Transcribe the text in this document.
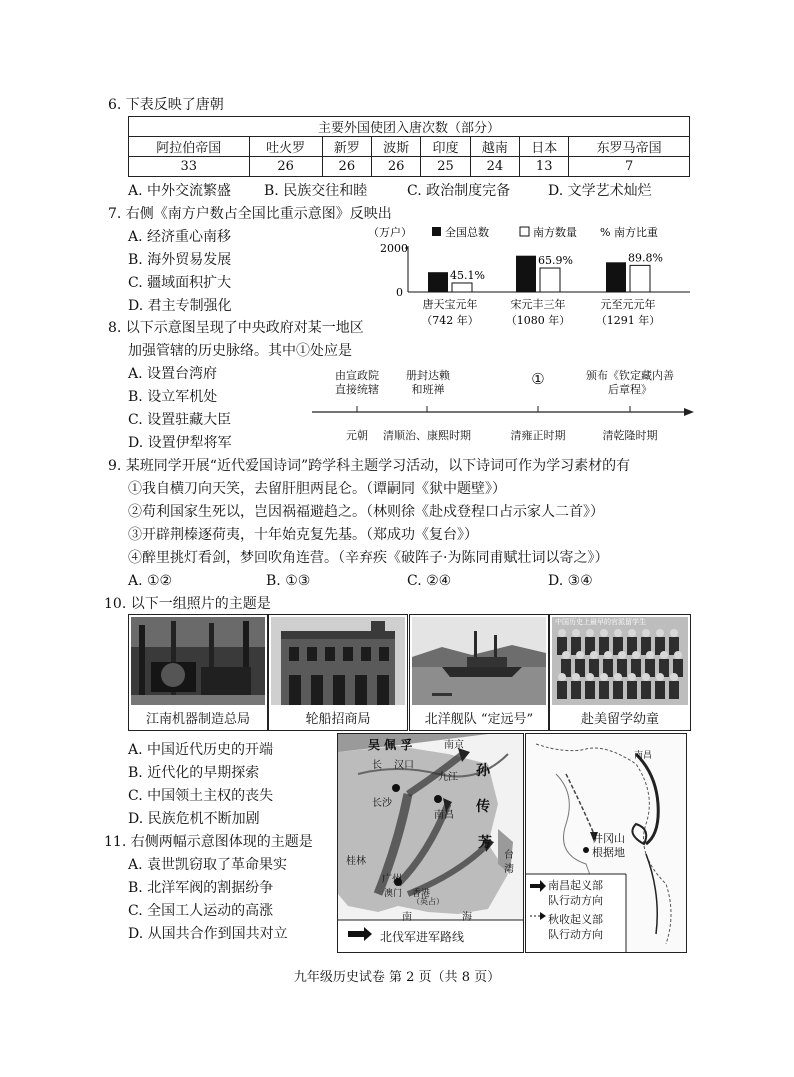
6. 下表反映了唐朝
主要外国使团入唐次数（部分）							
阿拉伯帝国	吐火罗	新罗	波斯	印度	越南	日本	东罗马帝国
33	26	26	26	25	24	13	7
A. 中外交流繁盛 B. 民族交往和睦	C. 政治制度完备	D. 文学艺术灿烂
7. 右侧《南方户数占全国比重示意图》反映出
A. 经济重心南移
B. 海外贸易发展
C. 疆域面积扩大
D. 君主专制强化
（万户）	全国总数	南方数量 % 南方比重
2000
0
45.1%
唐天宝元年
（742 年）
65.9%
宋元丰三年
（1080 年）
89.8%
元至元元年
（1291 年）
8. 以下示意图呈现了中央政府对某一地区
加强管辖的历史脉络。其中①处应是
A. 设置台湾府
B. 设立军机处
C. 设置驻藏大臣
D. 设置伊犁将军
由宣政院
直接统辖
册封达赖
和班禅
①	颁布《钦定藏内善
后章程》
元朝	清顺治、康熙时期	清雍正时期	清乾隆时期
9. 某班同学开展“近代爱国诗词”跨学科主题学习活动，以下诗词可作为学习素材的有
①我自横刀向天笑，去留肝胆两昆仑。（谭嗣同《狱中题壁》）
②苟利国家生死以，岂因祸福避趋之。（林则徐《赴戍登程口占示家人二首》）
③开辟荆榛逐荷夷，十年始克复先基。（郑成功《复台》）
④醉里挑灯看剑，梦回吹角连营。（辛弃疾《破阵子·为陈同甫赋壮词以寄之》）
A. ①②	B. ①③	C. ②④	D. ③④
10. 以下一组照片的主题是
江南机器制造总局	轮船招商局	北洋舰队 “定远号”
中国历史上最早的官派留学生
赴美留学幼童
A. 中国近代历史的开端
B. 近代化的早期探索
C. 中国领土主权的丧失
D. 民族危机不断加剧
11. 右侧两幅示意图体现的主题是
A. 袁世凯窃取了革命果实
B. 北洋军阀的割据纷争
C. 全国工人运动的高涨
D. 从国共合作到国共对立
吴 佩 孚	南京
长 汉口
九江 孙
传
芳
长沙
南昌
桂林
广州
澳门 香港
（英占）
台
湾
南	海
北伐军进军路线
南昌
井冈山
根据地
南昌起义部
队行动方向
秋收起义部
队行动方向
九年级历史试卷 第 2 页（共 8 页）
